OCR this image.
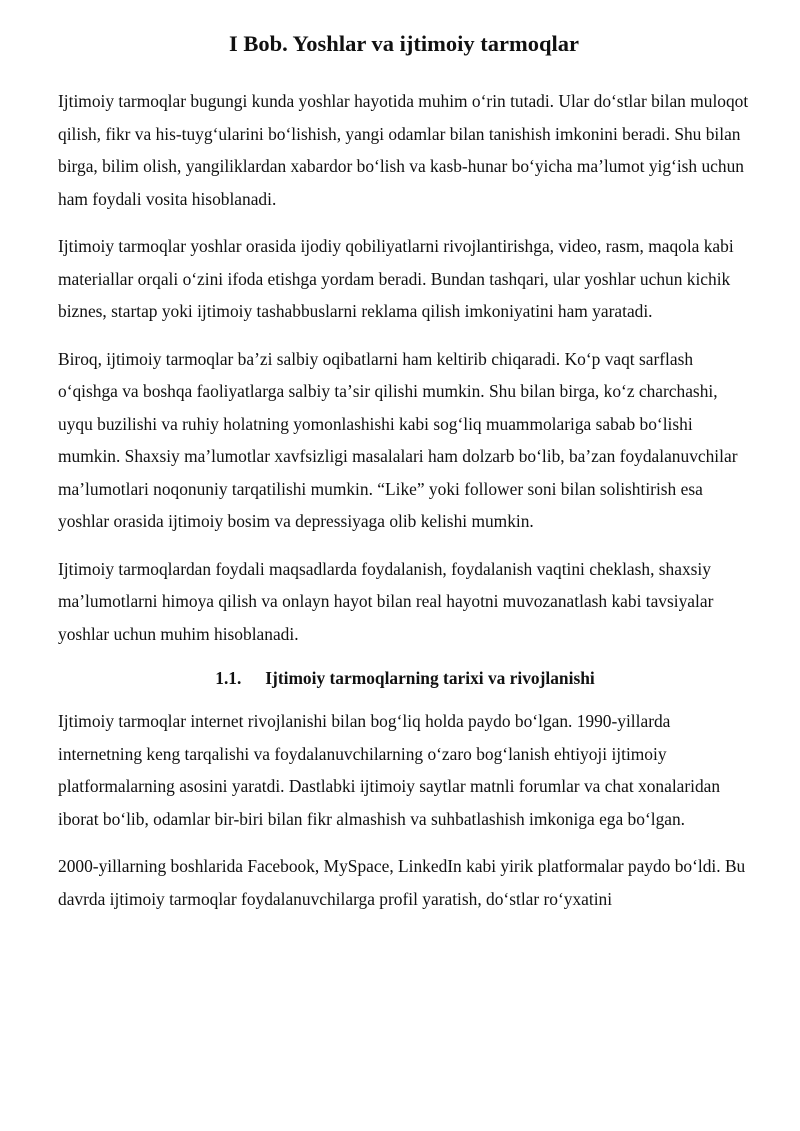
I Bob. Yoshlar va ijtimoiy tarmoqlar

Ijtimoiy tarmoqlar bugungi kunda yoshlar hayotida muhim oʻrin tutadi. Ular doʻstlar bilan muloqot qilish, fikr va his-tuygʻularini boʻlishish, yangi odamlar bilan tanishish imkonini beradi. Shu bilan birga, bilim olish, yangiliklardan xabardor boʻlish va kasb-hunar boʻyicha maʼlumot yigʻish uchun ham foydali vosita hisoblanadi.

Ijtimoiy tarmoqlar yoshlar orasida ijodiy qobiliyatlarni rivojlantirishga, video, rasm, maqola kabi materiallar orqali oʻzini ifoda etishga yordam beradi. Bundan tashqari, ular yoshlar uchun kichik biznes, startap yoki ijtimoiy tashabbuslarni reklama qilish imkoniyatini ham yaratadi.

Biroq, ijtimoiy tarmoqlar baʼzi salbiy oqibatlarni ham keltirib chiqaradi. Koʻp vaqt sarflash oʻqishga va boshqa faoliyatlarga salbiy taʼsir qilishi mumkin. Shu bilan birga, koʻz charchashi, uyqu buzilishi va ruhiy holatning yomonlashishi kabi sogʻliq muammolariga sabab boʻlishi mumkin. Shaxsiy maʼlumotlar xavfsizligi masalalari ham dolzarb boʻlib, baʼzan foydalanuvchilar maʼlumotlari noqonuniy tarqatilishi mumkin. “Like” yoki follower soni bilan solishtirish esa yoshlar orasida ijtimoiy bosim va depressiyaga olib kelishi mumkin.

Ijtimoiy tarmoqlardan foydali maqsadlarda foydalanish, foydalanish vaqtini cheklash, shaxsiy maʼlumotlarni himoya qilish va onlayn hayot bilan real hayotni muvozanatlash kabi tavsiyalar yoshlar uchun muhim hisoblanadi.

1.1. Ijtimoiy tarmoqlarning tarixi va rivojlanishi

Ijtimoiy tarmoqlar internet rivojlanishi bilan bogʻliq holda paydo boʻlgan. 1990-yillarda internetning keng tarqalishi va foydalanuvchilarning oʻzaro bogʻlanish ehtiyoji ijtimoiy platformalarning asosini yaratdi. Dastlabki ijtimoiy saytlar matnli forumlar va chat xonalaridan iborat boʻlib, odamlar bir-biri bilan fikr almashish va suhbatlashish imkoniga ega boʻlgan.

2000-yillarning boshlarida Facebook, MySpace, LinkedIn kabi yirik platformalar paydo boʻldi. Bu davrda ijtimoiy tarmoqlar foydalanuvchilarga profil yaratish, doʻstlar roʻyxatini
